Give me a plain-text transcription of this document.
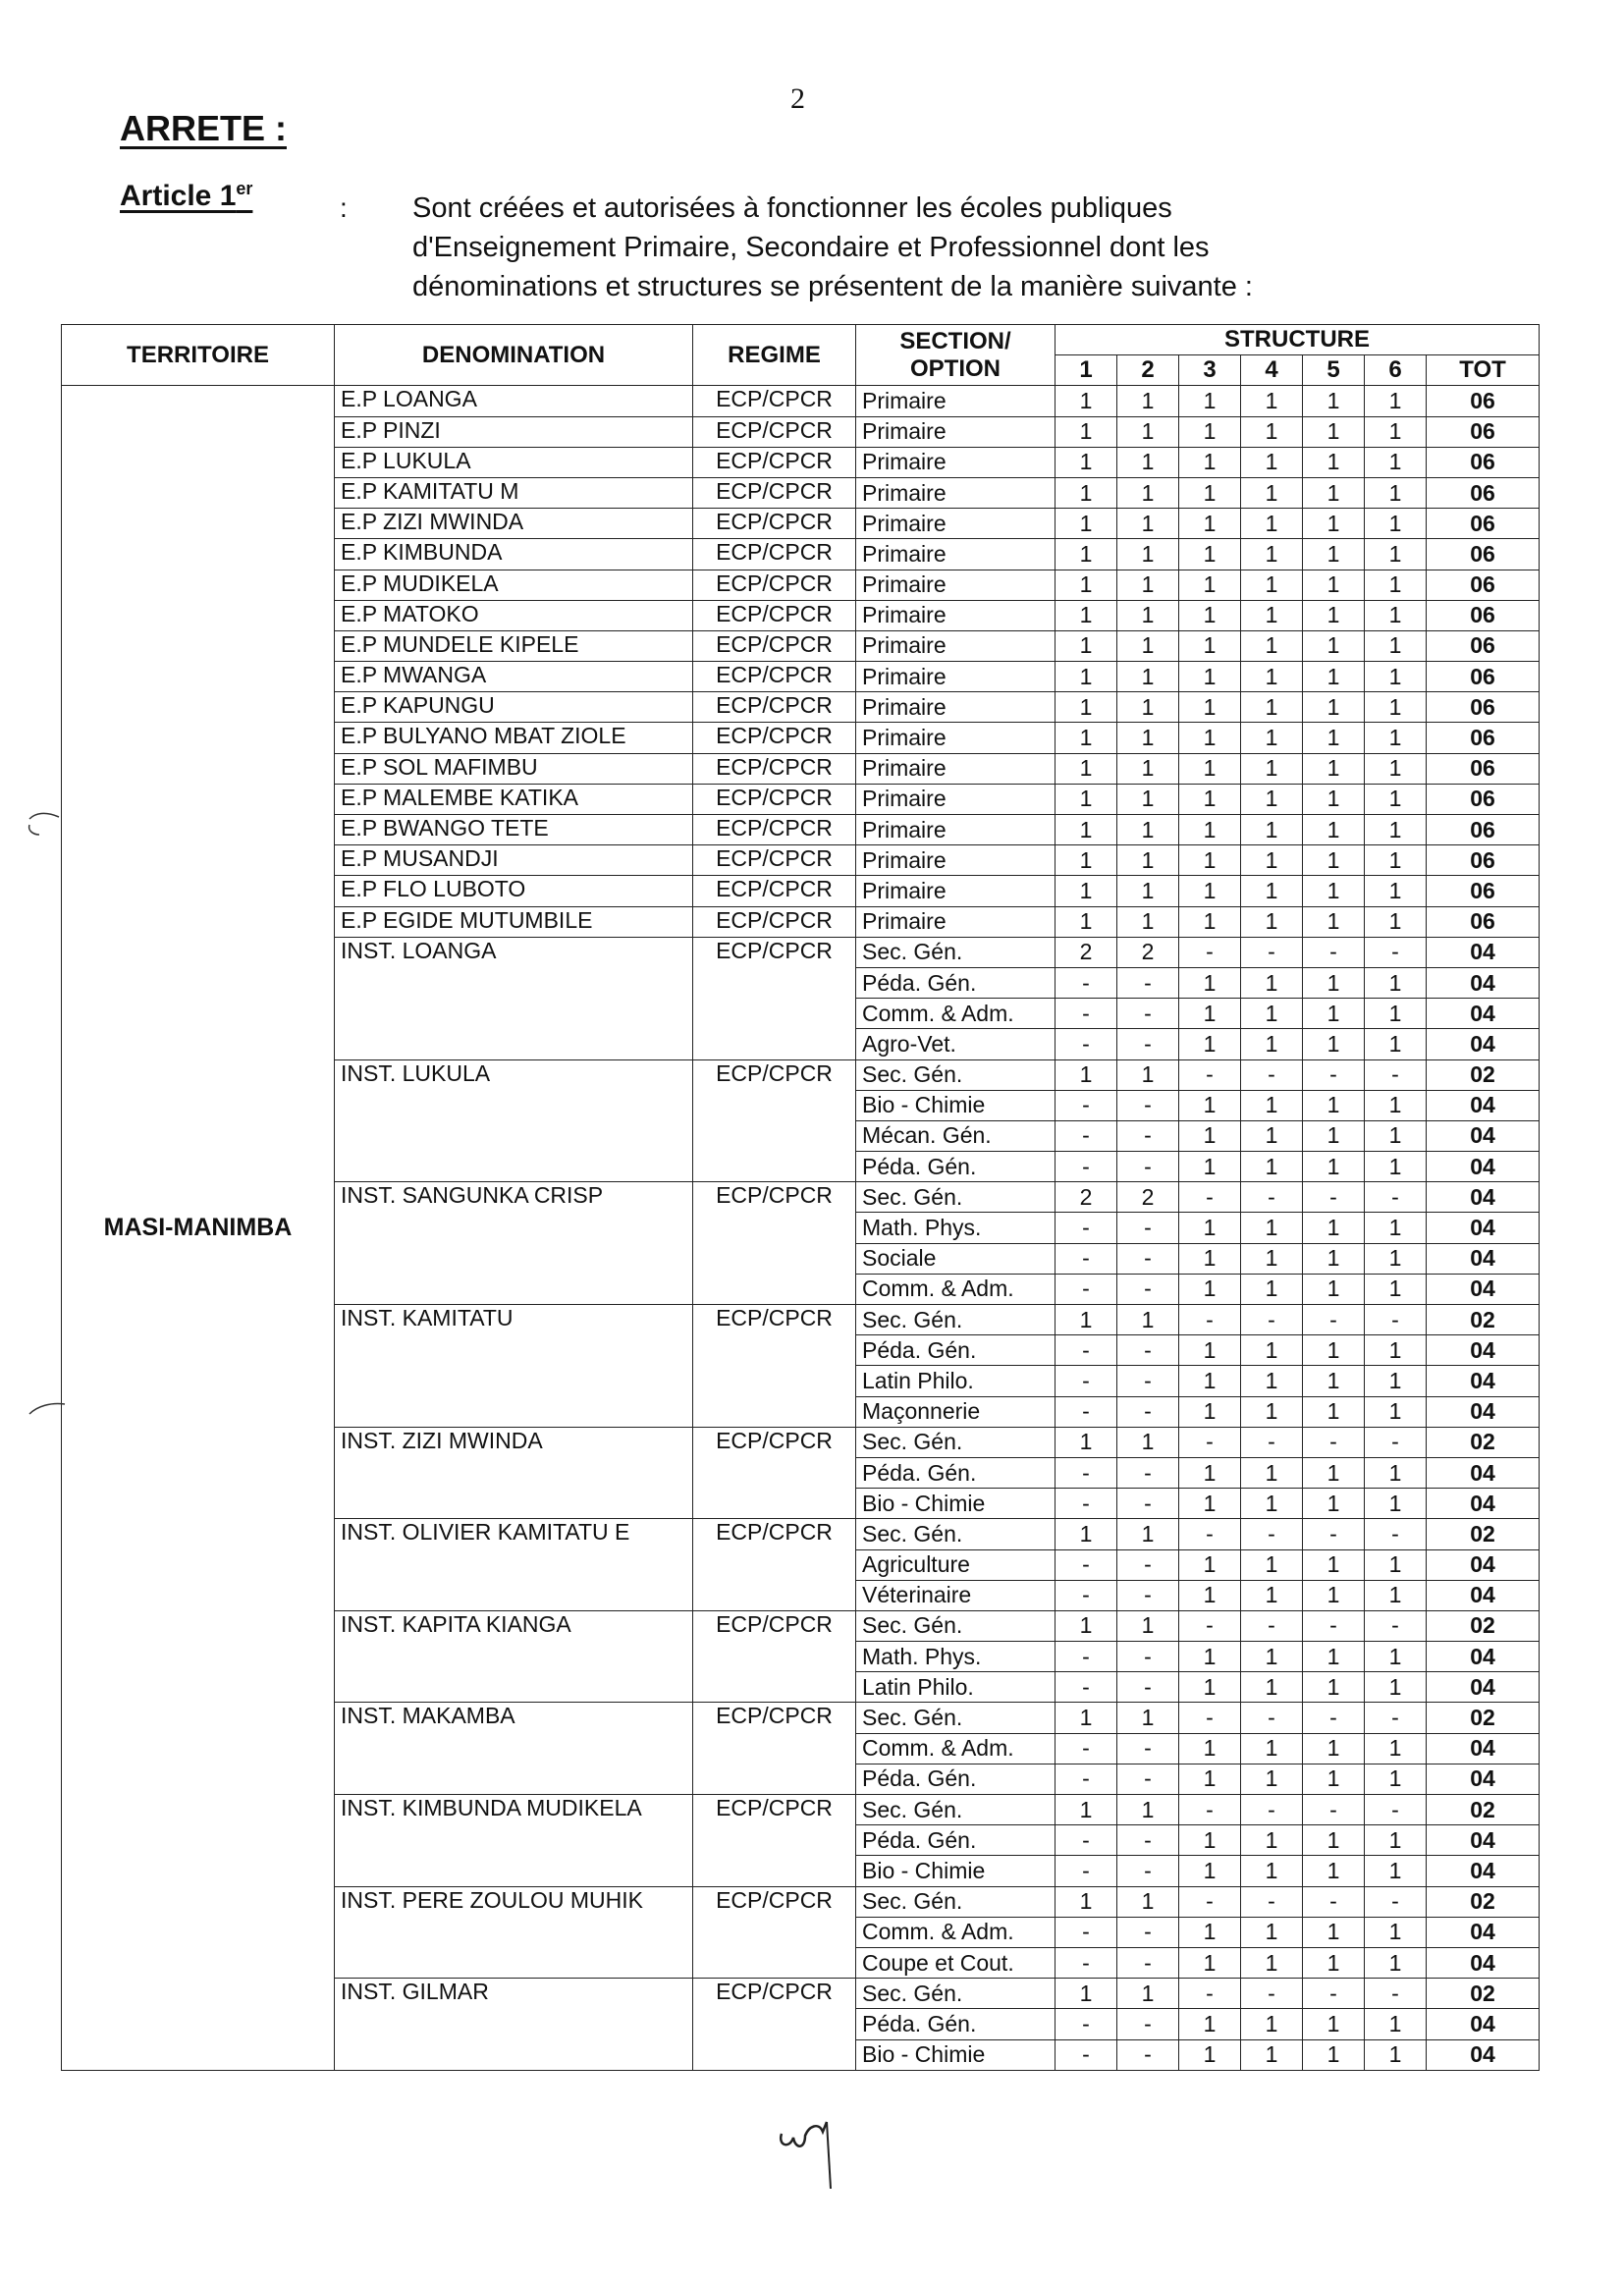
2
ARRETE :
Article 1er
: Sont créées et autorisées à fonctionner les écoles publiques
d'Enseignement Primaire, Secondaire et Professionnel dont les
dénominations et structures se présentent de la manière suivante :
TERRITOIRE	DENOMINATION	REGIME	SECTION/
OPTION	STRUCTURE						
				1	2	3	4	5	6	TOT
MASI-MANIMBA	E.P LOANGA	ECP/CPCR	Primaire	1	1	1	1	1	1	06
	E.P PINZI	ECP/CPCR	Primaire	1	1	1	1	1	1	06
	E.P LUKULA	ECP/CPCR	Primaire	1	1	1	1	1	1	06
	E.P KAMITATU M	ECP/CPCR	Primaire	1	1	1	1	1	1	06
	E.P ZIZI MWINDA	ECP/CPCR	Primaire	1	1	1	1	1	1	06
	E.P KIMBUNDA	ECP/CPCR	Primaire	1	1	1	1	1	1	06
	E.P MUDIKELA	ECP/CPCR	Primaire	1	1	1	1	1	1	06
	E.P MATOKO	ECP/CPCR	Primaire	1	1	1	1	1	1	06
	E.P MUNDELE KIPELE	ECP/CPCR	Primaire	1	1	1	1	1	1	06
	E.P MWANGA	ECP/CPCR	Primaire	1	1	1	1	1	1	06
	E.P KAPUNGU	ECP/CPCR	Primaire	1	1	1	1	1	1	06
	E.P BULYANO MBAT ZIOLE	ECP/CPCR	Primaire	1	1	1	1	1	1	06
	E.P SOL MAFIMBU	ECP/CPCR	Primaire	1	1	1	1	1	1	06
	E.P MALEMBE KATIKA	ECP/CPCR	Primaire	1	1	1	1	1	1	06
	E.P BWANGO TETE	ECP/CPCR	Primaire	1	1	1	1	1	1	06
	E.P MUSANDJI	ECP/CPCR	Primaire	1	1	1	1	1	1	06
	E.P FLO LUBOTO	ECP/CPCR	Primaire	1	1	1	1	1	1	06
	E.P EGIDE MUTUMBILE	ECP/CPCR	Primaire	1	1	1	1	1	1	06
	INST. LOANGA	ECP/CPCR	Sec. Gén.	2	2	-	-	-	-	04
			Péda. Gén.	-	-	1	1	1	1	04
			Comm. & Adm.	-	-	1	1	1	1	04
			Agro-Vet.	-	-	1	1	1	1	04
	INST. LUKULA	ECP/CPCR	Sec. Gén.	1	1	-	-	-	-	02
			Bio - Chimie	-	-	1	1	1	1	04
			Mécan. Gén.	-	-	1	1	1	1	04
			Péda. Gén.	-	-	1	1	1	1	04
	INST. SANGUNKA CRISP	ECP/CPCR	Sec. Gén.	2	2	-	-	-	-	04
			Math. Phys.	-	-	1	1	1	1	04
			Sociale	-	-	1	1	1	1	04
			Comm. & Adm.	-	-	1	1	1	1	04
	INST. KAMITATU	ECP/CPCR	Sec. Gén.	1	1	-	-	-	-	02
			Péda. Gén.	-	-	1	1	1	1	04
			Latin Philo.	-	-	1	1	1	1	04
			Maçonnerie	-	-	1	1	1	1	04
	INST. ZIZI MWINDA	ECP/CPCR	Sec. Gén.	1	1	-	-	-	-	02
			Péda. Gén.	-	-	1	1	1	1	04
			Bio - Chimie	-	-	1	1	1	1	04
	INST. OLIVIER KAMITATU E	ECP/CPCR	Sec. Gén.	1	1	-	-	-	-	02
			Agriculture	-	-	1	1	1	1	04
			Véterinaire	-	-	1	1	1	1	04
	INST. KAPITA KIANGA	ECP/CPCR	Sec. Gén.	1	1	-	-	-	-	02
			Math. Phys.	-	-	1	1	1	1	04
			Latin Philo.	-	-	1	1	1	1	04
	INST. MAKAMBA	ECP/CPCR	Sec. Gén.	1	1	-	-	-	-	02
			Comm. & Adm.	-	-	1	1	1	1	04
			Péda. Gén.	-	-	1	1	1	1	04
	INST. KIMBUNDA MUDIKELA	ECP/CPCR	Sec. Gén.	1	1	-	-	-	-	02
			Péda. Gén.	-	-	1	1	1	1	04
			Bio - Chimie	-	-	1	1	1	1	04
	INST. PERE ZOULOU MUHIK	ECP/CPCR	Sec. Gén.	1	1	-	-	-	-	02
			Comm. & Adm.	-	-	1	1	1	1	04
			Coupe et Cout.	-	-	1	1	1	1	04
	INST. GILMAR	ECP/CPCR	Sec. Gén.	1	1	-	-	-	-	02
			Péda. Gén.	-	-	1	1	1	1	04
			Bio - Chimie	-	-	1	1	1	1	04
